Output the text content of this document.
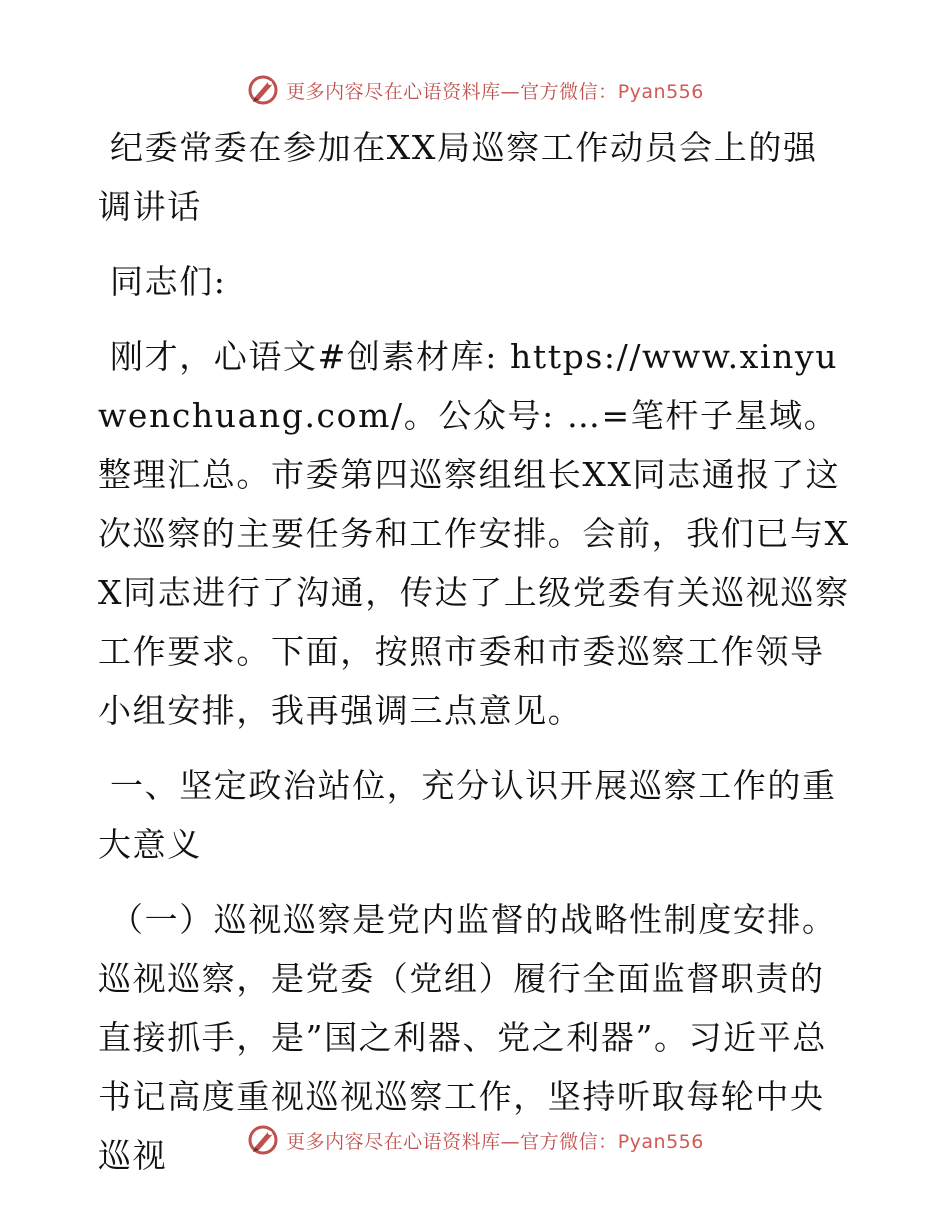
更多内容尽在心语资料库—官方微信：Pyan556

纪委常委在参加在XX局巡察工作动员会上的强调讲话

同志们:

刚才，心语文#创素材库: https://www.xinyuwenchuang.com/。公众号: …=笔杆子星域。整理汇总。市委第四巡察组组长XX同志通报了这次巡察的主要任务和工作安排。会前，我们已与XX同志进行了沟通，传达了上级党委有关巡视巡察工作要求。下面，按照市委和市委巡察工作领导小组安排，我再强调三点意见。

一、坚定政治站位，充分认识开展巡察工作的重大意义

（一）巡视巡察是党内监督的战略性制度安排。巡视巡察，是党委（党组）履行全面监督职责的直接抓手，是”国之利器、党之利器”。习近平总书记高度重视巡视巡察工作，坚持听取每轮中央巡视	更多内容尽在心语资料库—官方微信：Pyan556
